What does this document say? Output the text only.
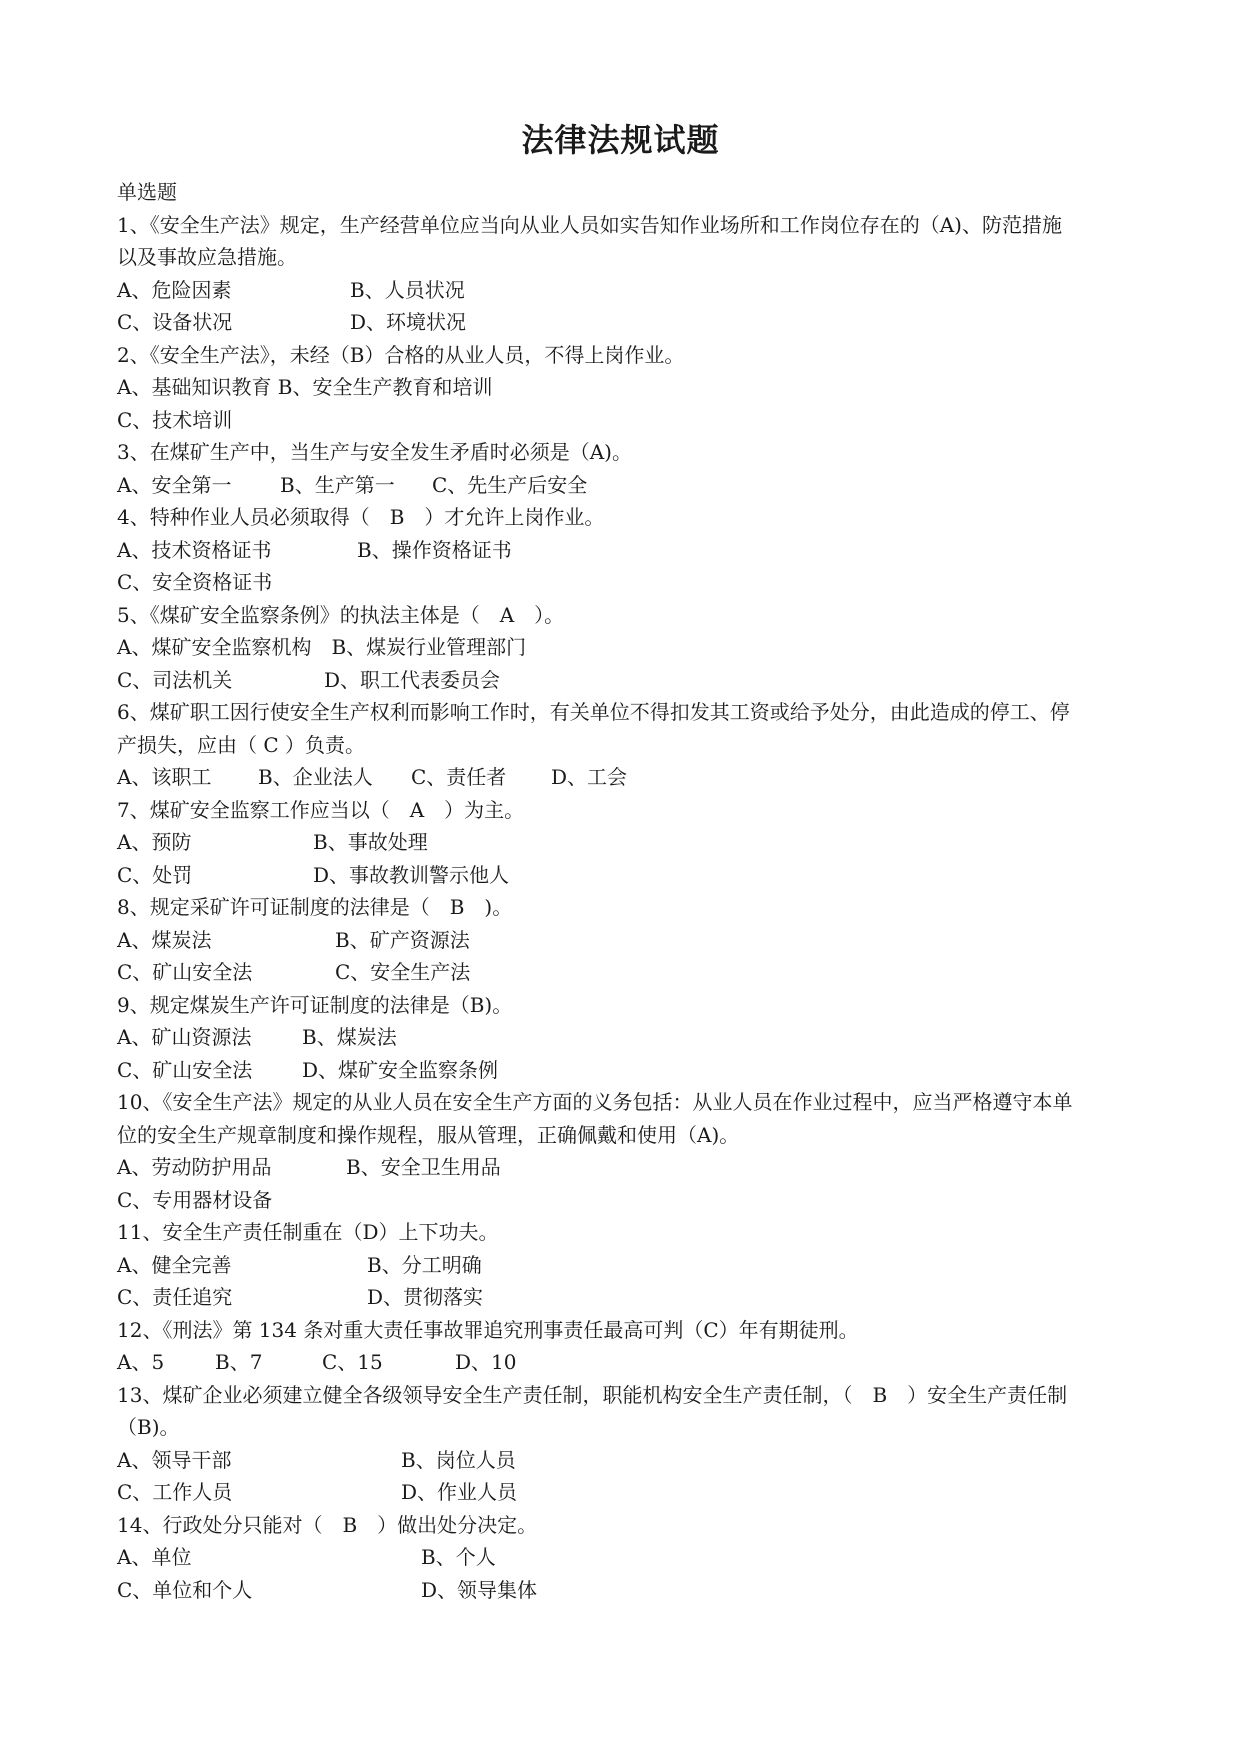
法律法规试题
单选题
1、《安全生产法》规定，生产经营单位应当向从业人员如实告知作业场所和工作岗位存在的（A)、防范措施
以及事故应急措施。
A、危险因素	B、人员状况
C、设备状况	D、环境状况
2、《安全生产法》，未经（B）合格的从业人员，不得上岗作业。
A、基础知识教育 B、安全生产教育和培训
C、技术培训
3、在煤矿生产中，当生产与安全发生矛盾时必须是（A)。
A、安全第一	B、生产第一	C、先生产后安全
4、特种作业人员必须取得（　B　）才允许上岗作业。
A、技术资格证书	B、操作资格证书
C、安全资格证书
5、《煤矿安全监察条例》的执法主体是（　A　）。
A、煤矿安全监察机构　B、煤炭行业管理部门
C、司法机关	D、职工代表委员会
6、煤矿职工因行使安全生产权利而影响工作时，有关单位不得扣发其工资或给予处分，由此造成的停工、停
产损失，应由（ C ）负责。
A、该职工	B、企业法人	C、责任者	D、工会
7、煤矿安全监察工作应当以（　A　）为主。
A、预防	B、事故处理
C、处罚	D、事故教训警示他人
8、规定采矿许可证制度的法律是（　B　)。
A、煤炭法	B、矿产资源法
C、矿山安全法	C、安全生产法
9、规定煤炭生产许可证制度的法律是（B)。
A、矿山资源法	B、煤炭法
C、矿山安全法	D、煤矿安全监察条例
10、《安全生产法》规定的从业人员在安全生产方面的义务包括：从业人员在作业过程中，应当严格遵守本单
位的安全生产规章制度和操作规程，服从管理，正确佩戴和使用（A)。
A、劳动防护用品	B、安全卫生用品
C、专用器材设备
11、安全生产责任制重在（D）上下功夫。
A、健全完善	B、分工明确
C、责任追究	D、贯彻落实
12、《刑法》第 134 条对重大责任事故罪追究刑事责任最高可判（C）年有期徒刑。
A、5	B、7	C、15	D、10
13、煤矿企业必须建立健全各级领导安全生产责任制，职能机构安全生产责任制，（　B　）安全生产责任制
（B)。
A、领导干部	B、岗位人员
C、工作人员	D、作业人员
14、行政处分只能对（　B　）做出处分决定。
A、单位	B、个人
C、单位和个人	D、领导集体
